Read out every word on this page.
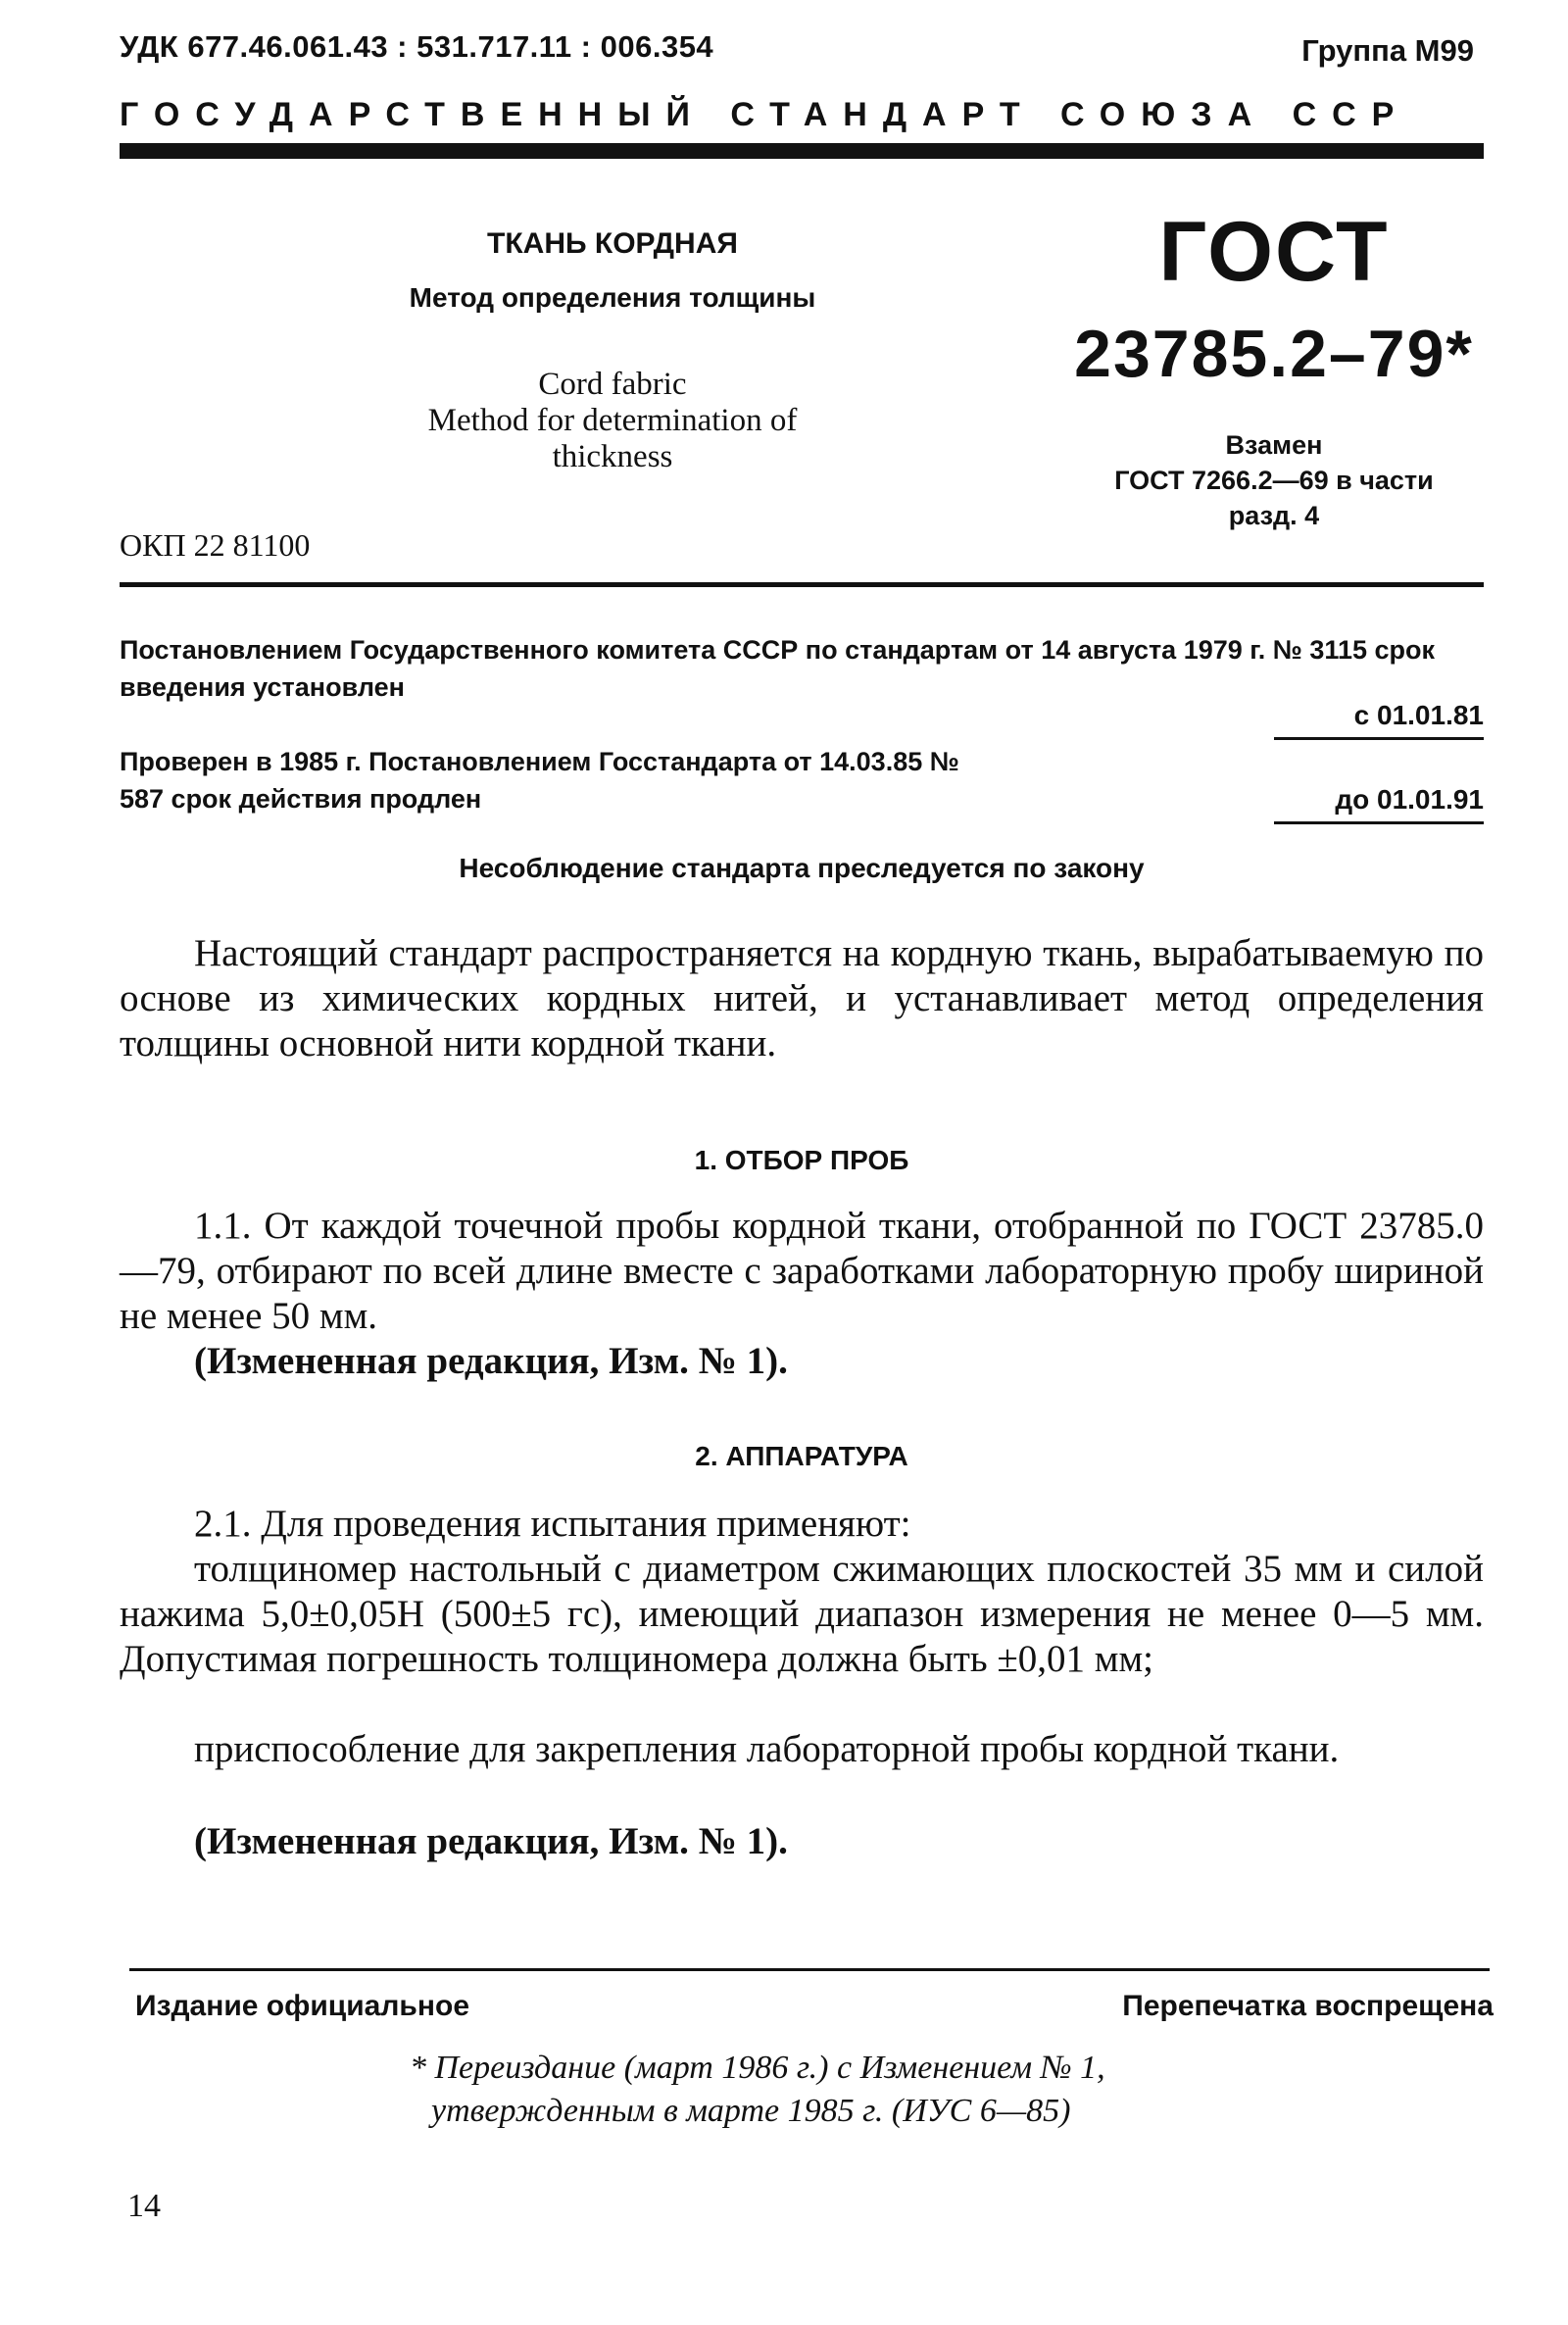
УДК 677.46.061.43 : 531.717.11 : 006.354	Группа М99
ГОСУДАРСТВЕННЫЙ СТАНДАРТ СОЮЗА ССР
ТКАНЬ КОРДНАЯ
Метод определения толщины
Cord fabric
Method for determination of
thickness
ОКП 22 81100
ГОСТ
23785.2–79*
Взамен
ГОСТ 7266.2—69 в части
разд. 4
Постановлением Государственного комитета СССР по стандартам от 14 августа 1979 г. № 3115 срок введения установлен
с 01.01.81
Проверен в 1985 г. Постановлением Госстандарта от 14.03.85 № 587 срок действия продлен	до 01.01.91
Несоблюдение стандарта преследуется по закону
Настоящий стандарт распространяется на кордную ткань, вырабатываемую по основе из химических кордных нитей, и устанавливает метод определения толщины основной нити кордной ткани.
1. ОТБОР ПРОБ
1.1. От каждой точечной пробы кордной ткани, отобранной по ГОСТ 23785.0—79, отбирают по всей длине вместе с заработками лабораторную пробу шириной не менее 50 мм.
(Измененная редакция, Изм. № 1).
2. АППАРАТУРА
2.1. Для проведения испытания применяют:
толщиномер настольный с диаметром сжимающих плоскостей 35 мм и силой нажима 5,0±0,05Н (500±5 гс), имеющий диапазон измерения не менее 0—5 мм. Допустимая погрешность толщиномера должна быть ±0,01 мм;
приспособление для закрепления лабораторной пробы кордной ткани.
(Измененная редакция, Изм. № 1).
Издание официальное	Перепечатка воспрещена
* Переиздание (март 1986 г.) с Изменением № 1,
утвержденным в марте 1985 г. (ИУС 6—85)
14
